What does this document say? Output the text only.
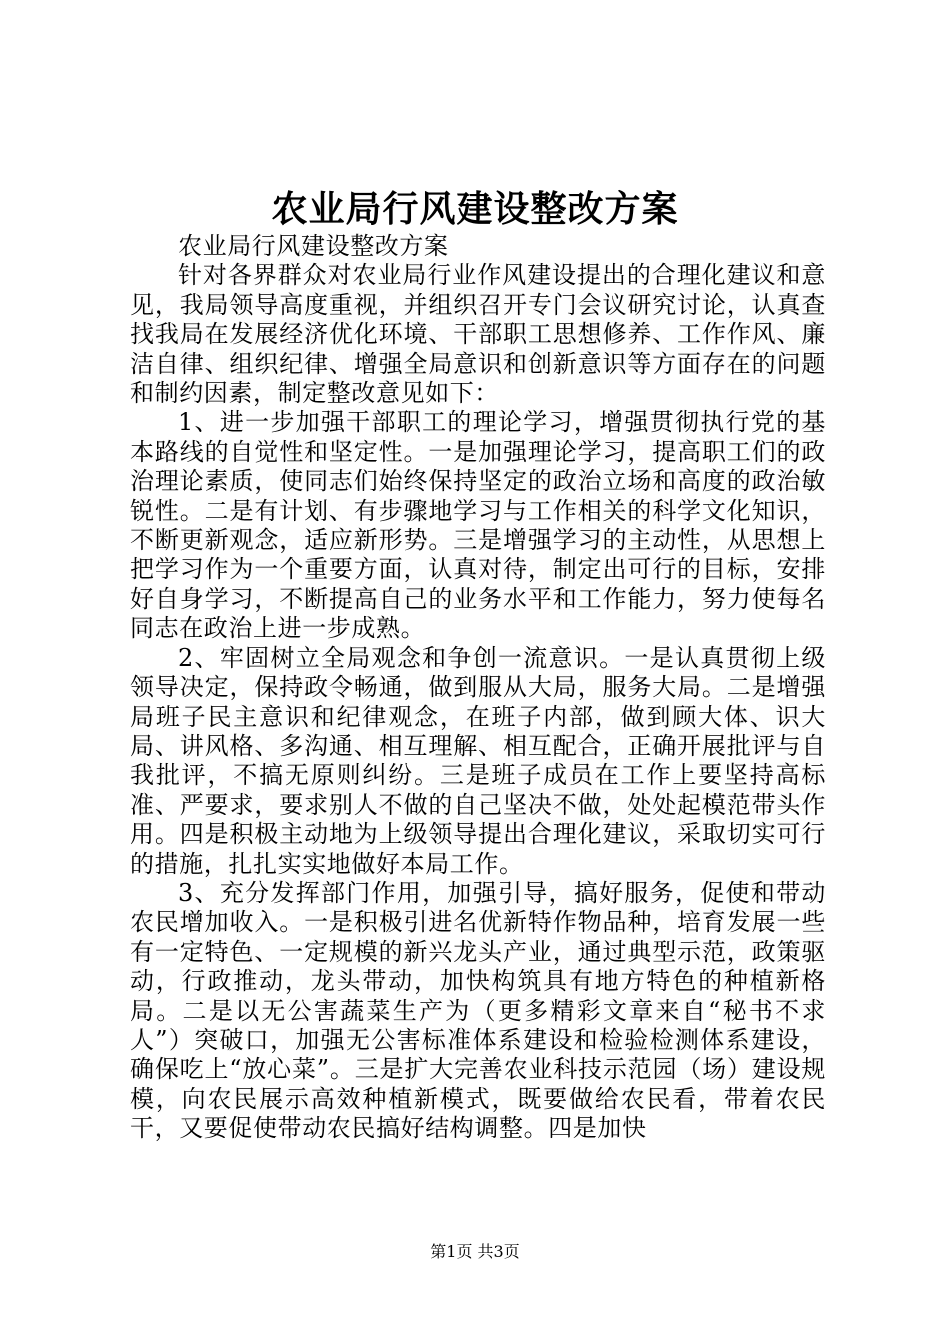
农业局行风建设整改方案

农业局行风建设整改方案

针对各界群众对农业局行业作风建设提出的合理化建议和意见，我局领导高度重视，并组织召开专门会议研究讨论，认真查找我局在发展经济优化环境、干部职工思想修养、工作作风、廉洁自律、组织纪律、增强全局意识和创新意识等方面存在的问题和制约因素，制定整改意见如下：

1、进一步加强干部职工的理论学习，增强贯彻执行党的基本路线的自觉性和坚定性。一是加强理论学习，提高职工们的政治理论素质，使同志们始终保持坚定的政治立场和高度的政治敏锐性。二是有计划、有步骤地学习与工作相关的科学文化知识，不断更新观念，适应新形势。三是增强学习的主动性，从思想上把学习作为一个重要方面，认真对待，制定出可行的目标，安排好自身学习，不断提高自己的业务水平和工作能力，努力使每名同志在政治上进一步成熟。

2、牢固树立全局观念和争创一流意识。一是认真贯彻上级领导决定，保持政令畅通，做到服从大局，服务大局。二是增强局班子民主意识和纪律观念，在班子内部，做到顾大体、识大局、讲风格、多沟通、相互理解、相互配合，正确开展批评与自我批评，不搞无原则纠纷。三是班子成员在工作上要坚持高标准、严要求，要求别人不做的自己坚决不做，处处起模范带头作用。四是积极主动地为上级领导提出合理化建议，采取切实可行的措施，扎扎实实地做好本局工作。

3、充分发挥部门作用，加强引导，搞好服务，促使和带动农民增加收入。一是积极引进名优新特作物品种，培育发展一些有一定特色、一定规模的新兴龙头产业，通过典型示范，政策驱动，行政推动，龙头带动，加快构筑具有地方特色的种植新格局。二是以无公害蔬菜生产为（更多精彩文章来自“秘书不求人”）突破口，加强无公害标准体系建设和检验检测体系建设，确保吃上“放心菜”。三是扩大完善农业科技示范园（场）建设规模，向农民展示高效种植新模式，既要做给农民看，带着农民干，又要促使带动农民搞好结构调整。四是加快

第1页 共3页
